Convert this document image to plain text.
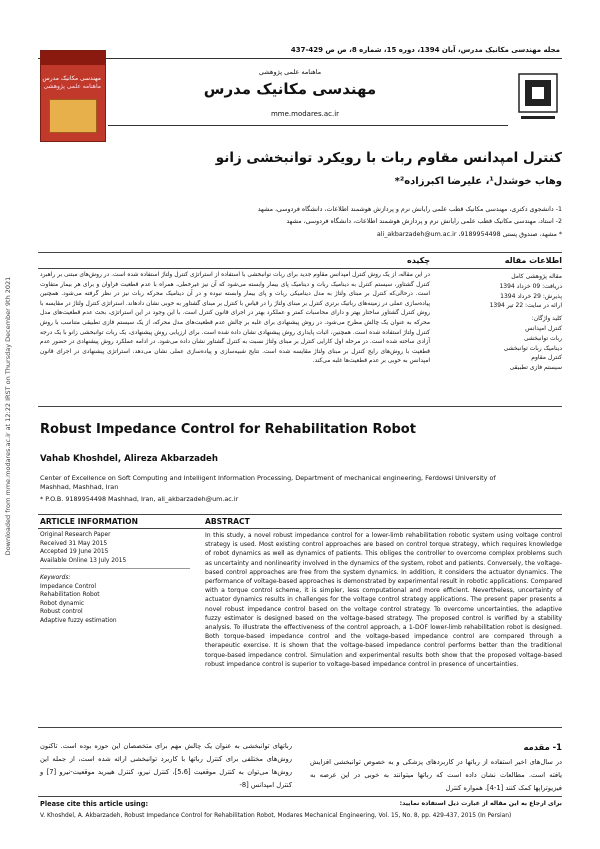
Downloaded from mme.modares.ac.ir at 12:22 IRST on Thursday December 9th 2021
مجله مهندسی مکانیک مدرس، آبان 1394، دوره 15، شماره 8، ص ص 429-437
مهندسی مکانیک مدرس
ماهنامه علمی پژوهشی
ماهنامه علمی پژوهشی
مهندسی مکانیک مدرس
mme.modares.ac.ir
کنترل امپدانس مقاوم ربات با رویکرد توانبخشی زانو
وهاب خوشدل¹، علیرضا اکبرزاده²*
1- دانشجوی دکتری، مهندسی مکانیک قطب علمی رایانش نرم و پردازش هوشمند اطلاعات، دانشگاه فردوسی، مشهد
2- استاد، مهندسی مکانیک قطب علمی رایانش نرم و پردازش هوشمند اطلاعات، دانشگاه فردوسی، مشهد
* مشهد، صندوق پستی 9189954498، ali_akbarzadeh@um.ac.ir
اطلاعات مقاله
چکیده
مقاله پژوهشی کامل
دریافت: 09 خرداد 1394
پذیرش: 29 خرداد 1394
ارائه در سایت: 22 تیر 1394
کلید واژگان:
کنترل امپدانس
ربات توانبخشی
دینامیک ربات توانبخشی
کنترل مقاوم
سیستم فازی تطبیقی
در این مقاله، از یک روش کنترل امپدانس مقاوم جدید برای ربات توانبخشی با استفاده از استراتژی کنترل ولتاژ استفاده شده است. در روش‌های مبتنی بر راهبرد کنترل گشتاور، سیستم کنترل به دینامیک ربات و دینامیک پای بیمار وابسته می‌شود که آن نیز غیرخطی، همراه با عدم قطعیت فراوان و برای هر بیمار متفاوت است. درحالی‌که کنترل بر مبنای ولتاژ به مدل دینامیکی ربات و پای بیمار وابسته نبوده و در آن دینامیک محرکه ربات نیز در نظر گرفته می‌شود. همچنین پیاده‌سازی عملی در زمینه‌های رباتیک برتری کنترل بر مبنای ولتاژ را در قیاس با کنترل بر مبنای گشتاور به خوبی نشان دادهاند. استراتژی کنترل ولتاژ در مقایسه با روش کنترل گشتاور ساختار بهتر و دارای محاسبات کمتر و عملکرد بهتر در اجرای قانون کنترل است. با این وجود در این استراتژی، بحث عدم قطعیت‌های مدل محرکه به عنوان یک چالش مطرح می‌شود. در روش پیشنهادی برای غلبه بر چالش عدم قطعیت‌های مدل محرکه، از یک سیستم فازی تطبیقی متناسب با روش کنترل ولتاژ استفاده شده است. همچنین، اثبات پایداری روش پیشنهادی نشان داده شده است. برای ارزیابی روش پیشنهادی، یک ربات توانبخشی زانو با یک درجه آزادی ساخته شده است. در مرحله اول کارایی کنترل بر مبنای ولتاژ نسبت به کنترل گشتاور نشان داده می‌شود. در ادامه عملکرد روش پیشنهادی در حضور عدم قطعیت با روش‌های رایج کنترل بر مبنای ولتاژ مقایسه شده است. نتایج شبیه‌سازی و پیاده‌سازی عملی نشان می‌دهد، استراتژی پیشنهادی در اجرای قانون امپدانس به خوبی بر عدم قطعیت‌ها غلبه می‌کند.
Robust Impedance Control for Rehabilitation Robot
Vahab Khoshdel, Alireza Akbarzadeh
Center of Excellence on Soft Computing and Intelligent Information Processing, Department of mechanical engineering, Ferdowsi University of Mashhad, Mashhad, Iran
* P.O.B. 9189954498 Mashhad, Iran, ali_akbarzadeh@um.ac.ir
ARTICLE INFORMATION	ABSTRACT
Original Research Paper
Received 31 May 2015
Accepted 19 June 2015
Available Online 13 July 2015
Keywords:
Impedance Control
Rehabilitation Robot
Robot dynamic
Robust control
Adaptive fuzzy estimation
In this study, a novel robust impedance control for a lower-limb rehabilitation robotic system using voltage control strategy is used. Most existing control approaches are based on control torque strategy, which requires knowledge of robot dynamics as well as dynamics of patients. This obliges the controller to overcome complex problems such as uncertainty and nonlinearity involved in the dynamics of the system, robot and patients. Conversely, the voltage-based control approaches are free from the system dynamics. In addition, it considers the actuator dynamics. The performance of voltage-based approaches is demonstrated by experimental result in robotic applications. Compared with a torque control scheme, it is simpler, less computational and more efficient. Nevertheless, uncertainty of actuator dynamics results in challenges for the voltage control strategy applications. The present paper presents a novel robust impedance control based on the voltage control strategy. To overcome uncertainties, the adaptive fuzzy estimator is designed based on the voltage-based strategy. The proposed control is verified by a stability analysis. To illustrate the effectiveness of the control approach, a 1-DOF lower-limb rehabilitation robot is designed. Both torque-based impedance control and the voltage-based impedance control are compared through a therapeutic exercise. It is shown that the voltage-based impedance control performs better than the traditional torque-based impedance control. Simulation and experimental results both show that the proposed voltage-based robust impedance control is superior to voltage-based impedance control in presence of uncertainties.
1- مقدمه
در سال‌های اخیر استفاده از رباتها در کاربردهای پزشکی و به خصوص توانبخشی افزایش یافته است. مطالعات نشان داده است که رباتها میتوانند به خوبی در این عرصه به فیزیوتراپها کمک کنند [1-4]. همواره کنترل
رباتهای توانبخشی به عنوان یک چالش مهم برای متخصصان این حوزه بوده است. تاکنون روش‌های مختلفی برای کنترل رباتها با کاربرد توانبخشی ارائه شده است، از جمله این روش‌ها می‌توان به کنترل موقعیت [5،6]، کنترل نیرو، کنترل هیبرید موقعیت-نیرو [7] و کنترل امپدانس [8-
Please cite this article using:	برای ارجاع به این مقاله از عبارت ذیل استفاده نمایید:
V. Khoshdel, A. Akbarzadeh, Robust Impedance Control for Rehabilitation Robot, Modares Mechanical Engineering, Vol. 15, No. 8, pp. 429-437, 2015 (In Persian)
